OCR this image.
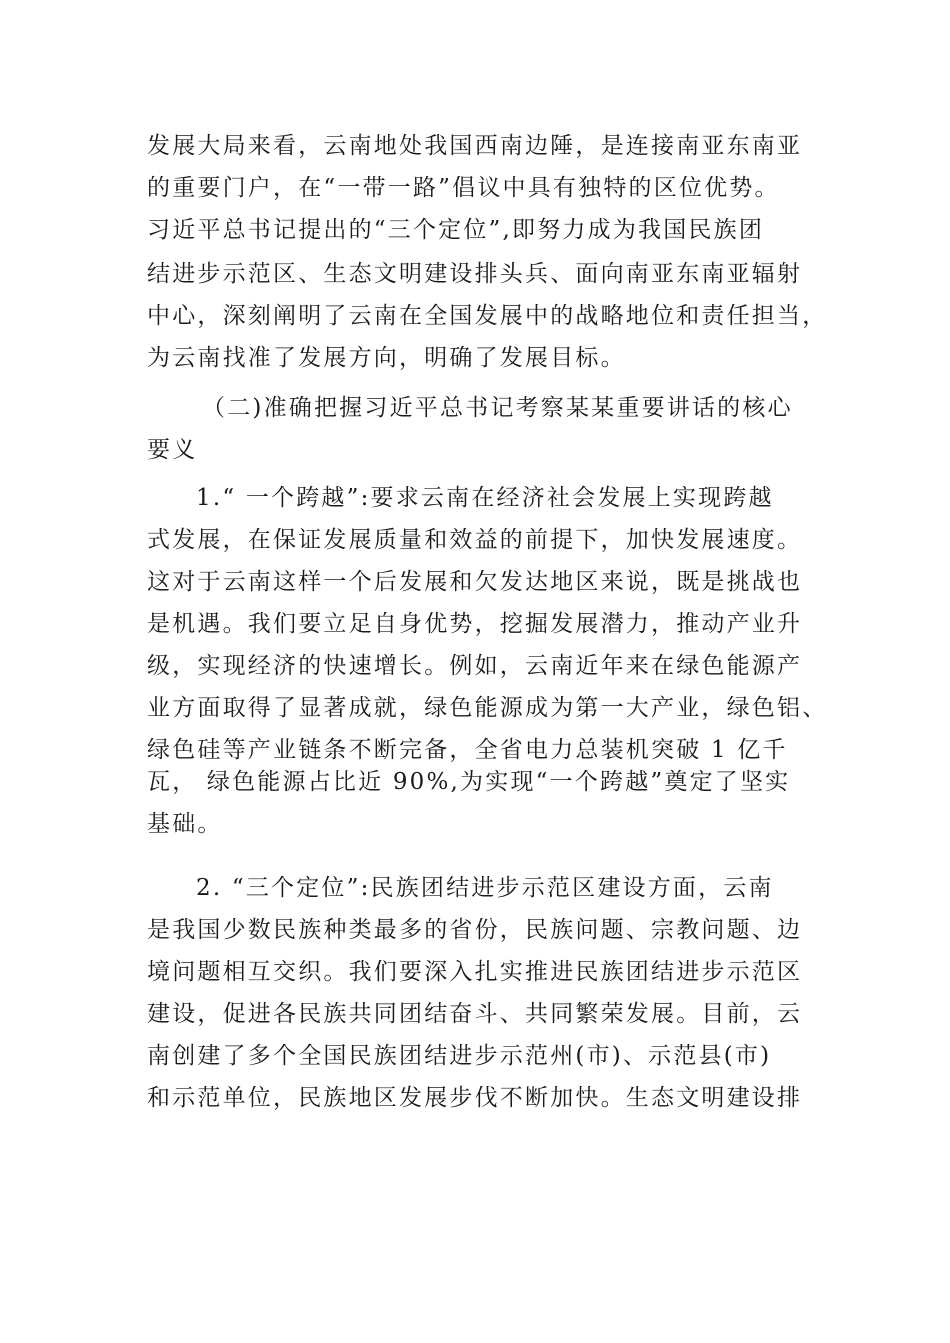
发展大局来看，云南地处我国西南边陲，是连接南亚东南亚
的重要门户，在“一带一路”倡议中具有独特的区位优势。
习近平总书记提出的“三个定位”,即努力成为我国民族团
结进步示范区、生态文明建设排头兵、面向南亚东南亚辐射
中心，深刻阐明了云南在全国发展中的战略地位和责任担当，
为云南找准了发展方向，明确了发展目标。
（二)准确把握习近平总书记考察某某重要讲话的核心
要义
1.“ 一个跨越”:要求云南在经济社会发展上实现跨越
式发展，在保证发展质量和效益的前提下，加快发展速度。
这对于云南这样一个后发展和欠发达地区来说，既是挑战也
是机遇。我们要立足自身优势，挖掘发展潜力，推动产业升
级，实现经济的快速增长。例如，云南近年来在绿色能源产
业方面取得了显著成就，绿色能源成为第一大产业，绿色铝、
绿色硅等产业链条不断完备，全省电力总装机突破 1 亿千
瓦， 绿色能源占比近 90%,为实现“一个跨越”奠定了坚实
基础。
2. “三个定位”:民族团结进步示范区建设方面，云南
是我国少数民族种类最多的省份，民族问题、宗教问题、边
境问题相互交织。我们要深入扎实推进民族团结进步示范区
建设，促进各民族共同团结奋斗、共同繁荣发展。目前，云
南创建了多个全国民族团结进步示范州(市)、示范县(市)
和示范单位，民族地区发展步伐不断加快。生态文明建设排
